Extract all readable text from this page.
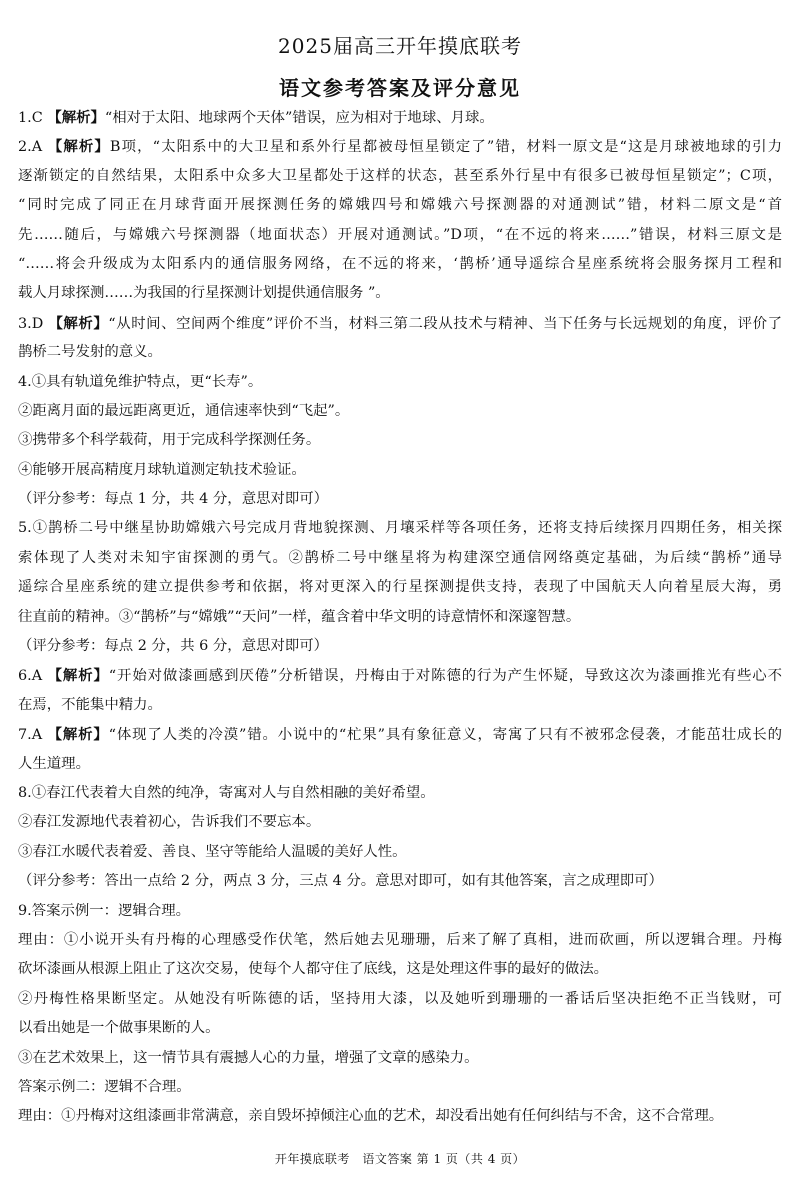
2025届高三开年摸底联考
语文参考答案及评分意见
1.C 【解析】“相对于太阳、地球两个天体”错误，应为相对于地球、月球。
2.A 【解析】B项，“太阳系中的大卫星和系外行星都被母恒星锁定了”错，材料一原文是“这是月球被地球的引力
逐渐锁定的自然结果，太阳系中众多大卫星都处于这样的状态，甚至系外行星中有很多已被母恒星锁定”；C项，
“同时完成了同正在月球背面开展探测任务的嫦娥四号和嫦娥六号探测器的对通测试”错，材料二原文是“首
先……随后，与嫦娥六号探测器（地面状态）开展对通测试。”D项，“在不远的将来……”错误，材料三原文是
“……将会升级成为太阳系内的通信服务网络，在不远的将来，‘鹊桥’通导遥综合星座系统将会服务探月工程和
载人月球探测……为我国的行星探测计划提供通信服务 ”。
3.D 【解析】“从时间、空间两个维度”评价不当，材料三第二段从技术与精神、当下任务与长远规划的角度，评价了
鹊桥二号发射的意义。
4.①具有轨道免维护特点，更“长寿”。
②距离月面的最远距离更近，通信速率快到“飞起”。
③携带多个科学载荷，用于完成科学探测任务。
④能够开展高精度月球轨道测定轨技术验证。
（评分参考：每点 1 分，共 4 分，意思对即可）
5.①鹊桥二号中继星协助嫦娥六号完成月背地貌探测、月壤采样等各项任务，还将支持后续探月四期任务，相关探
索体现了人类对未知宇宙探测的勇气。②鹊桥二号中继星将为构建深空通信网络奠定基础，为后续“鹊桥”通导
遥综合星座系统的建立提供参考和依据，将对更深入的行星探测提供支持，表现了中国航天人向着星辰大海，勇
往直前的精神。③“鹊桥”与“嫦娥”“天问”一样，蕴含着中华文明的诗意情怀和深邃智慧。
（评分参考：每点 2 分，共 6 分，意思对即可）
6.A 【解析】“开始对做漆画感到厌倦”分析错误，丹梅由于对陈德的行为产生怀疑，导致这次为漆画推光有些心不
在焉，不能集中精力。
7.A 【解析】“体现了人类的冷漠”错。小说中的“杧果”具有象征意义，寄寓了只有不被邪念侵袭，才能茁壮成长的
人生道理。
8.①春江代表着大自然的纯净，寄寓对人与自然相融的美好希望。
②春江发源地代表着初心，告诉我们不要忘本。
③春江水暖代表着爱、善良、坚守等能给人温暖的美好人性。
（评分参考：答出一点给 2 分，两点 3 分，三点 4 分。意思对即可，如有其他答案，言之成理即可）
9.答案示例一：逻辑合理。
理由：①小说开头有丹梅的心理感受作伏笔，然后她去见珊珊，后来了解了真相，进而砍画，所以逻辑合理。丹梅
砍坏漆画从根源上阻止了这次交易，使每个人都守住了底线，这是处理这件事的最好的做法。
②丹梅性格果断坚定。从她没有听陈德的话，坚持用大漆，以及她听到珊珊的一番话后坚决拒绝不正当钱财，可
以看出她是一个做事果断的人。
③在艺术效果上，这一情节具有震撼人心的力量，增强了文章的感染力。
答案示例二：逻辑不合理。
理由：①丹梅对这组漆画非常满意，亲自毁坏掉倾注心血的艺术，却没看出她有任何纠结与不舍，这不合常理。
开年摸底联考　语文答案 第 1 页（共 4 页）
